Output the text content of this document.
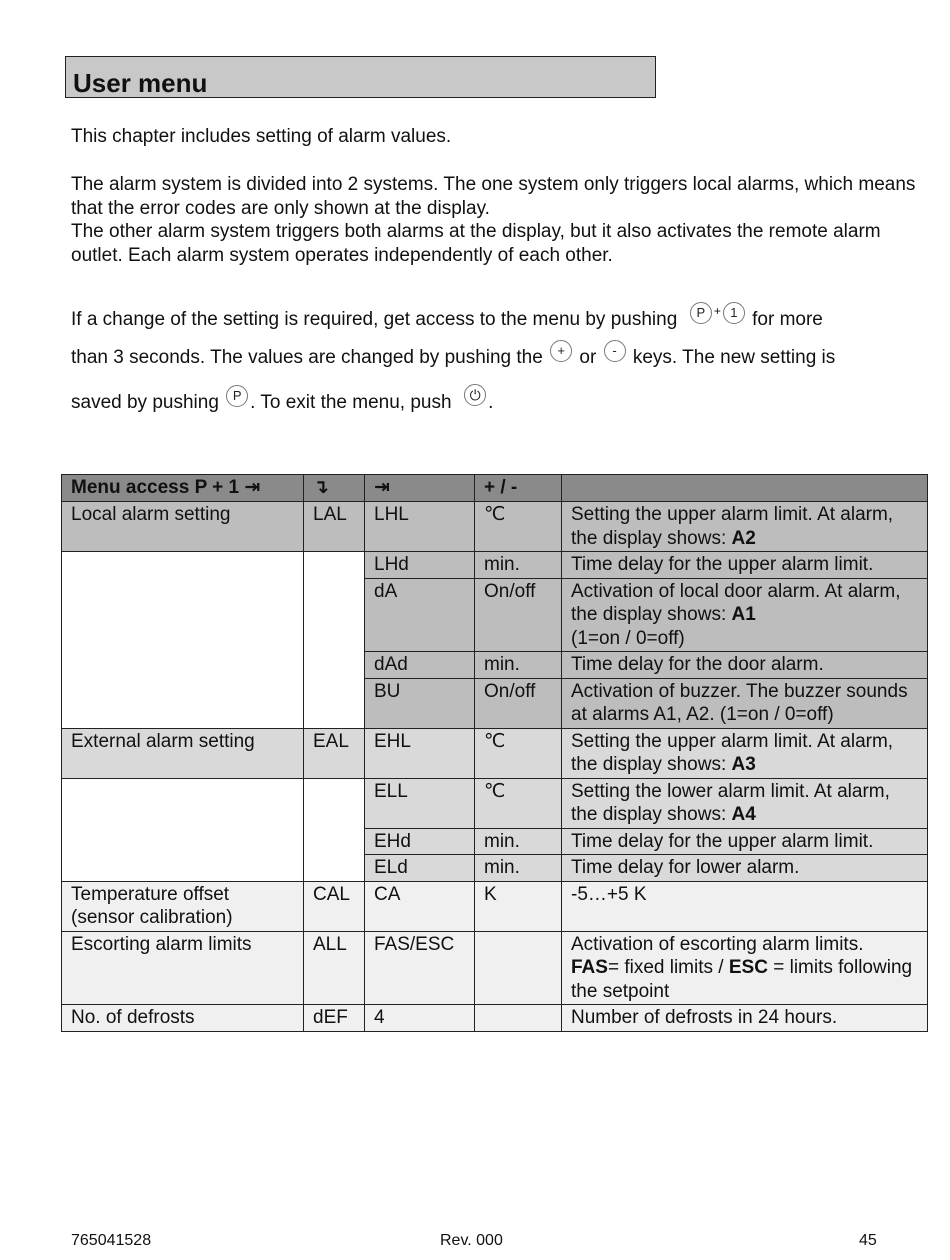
User menu
This chapter includes setting of alarm values.
The alarm system is divided into 2 systems. The one system only triggers local alarms, which means that the error codes are only shown at the display.
The other alarm system triggers both alarms at the display, but it also activates the remote alarm outlet. Each alarm system operates independently of each other.
If a change of the setting is required, get access to the menu by pushing P + 1 for more
than 3 seconds. The values are changed by pushing the + or - keys. The new setting is
saved by pushing P . To exit the menu, push ⏻ .
Menu access P + 1 ⇥	↴	⇥	+ / -	
Local alarm setting	LAL	LHL	℃	Setting the upper alarm limit. At alarm, the display shows: A2
		LHd	min.	Time delay for the upper alarm limit.
		dA	On/off	Activation of local door alarm. At alarm, the display shows: A1
(1=on / 0=off)
		dAd	min.	Time delay for the door alarm.
		BU	On/off	Activation of buzzer. The buzzer sounds at alarms A1, A2. (1=on / 0=off)
External alarm setting	EAL	EHL	℃	Setting the upper alarm limit. At alarm, the display shows: A3
		ELL	℃	Setting the lower alarm limit. At alarm, the display shows: A4
		EHd	min.	Time delay for the upper alarm limit.
		ELd	min.	Time delay for lower alarm.
Temperature offset (sensor calibration)	CAL	CA	K	-5…+5 K
Escorting alarm limits	ALL	FAS/ESC		Activation of escorting alarm limits.
FAS= fixed limits / ESC = limits following the setpoint
No. of defrosts	dEF	4		Number of defrosts in 24 hours.
765041528	Rev. 000	45
